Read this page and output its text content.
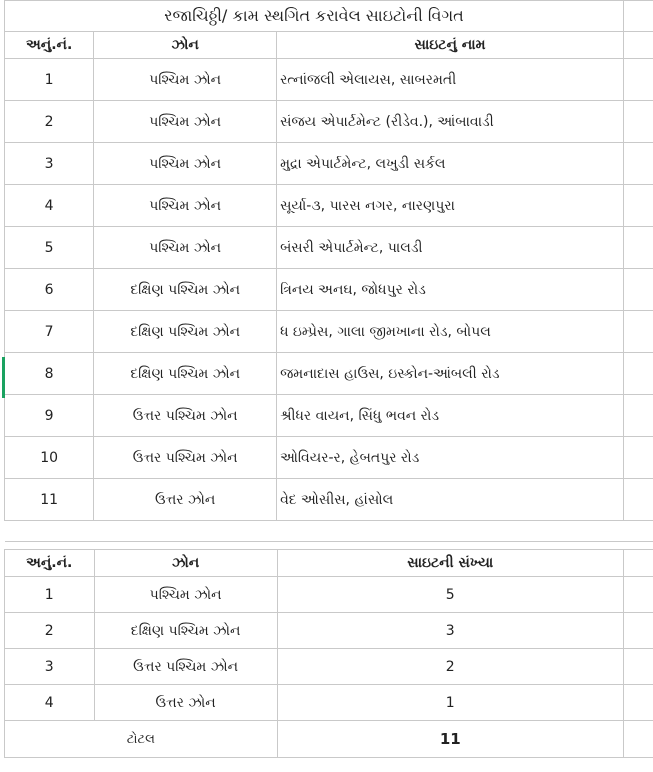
રજાચિઠ્ઠી/ કામ સ્થગિત કરાવેલ સાઇટોની વિગત			
અનું.નં.	ઝોન	સાઇટનું નામ	
1	પશ્ચિમ ઝોન	રત્નાંજલી એલાયસ, સાબરમતી	
2	પશ્ચિમ ઝોન	સંજય એપાર્ટમેન્ટ (રીડેવ.), આંબાવાડી	
3	પશ્ચિમ ઝોન	મુદ્રા એપાર્ટમેન્ટ, લખુડી સર્કલ	
4	પશ્ચિમ ઝોન	સૂર્યા-૩, પારસ નગર, નારણપુરા	
5	પશ્ચિમ ઝોન	બંસરી એપાર્ટમેન્ટ, પાલડી	
6	દક્ષિણ પશ્ચિમ ઝોન	ત્રિનય અનઘ, જોધપુર રોડ	
7	દક્ષિણ પશ્ચિમ ઝોન	ધ ઇમ્પ્રેસ, ગાલા જીમખાના રોડ, બોપલ	
8	દક્ષિણ પશ્ચિમ ઝોન	જમનાદાસ હાઉસ, ઇસ્કોન-આંબલી રોડ	
9	ઉત્તર પશ્ચિમ ઝોન	શ્રીધર વાયન, સિંધુ ભવન રોડ	
10	ઉત્તર પશ્ચિમ ઝોન	ઓવિયર-ર, હેબતપુર રોડ	
11	ઉત્તર ઝોન	વેદ ઓસીસ, હાંસોલ	

અનું.નં.	ઝોન	સાઇટની સંખ્યા	
1	પશ્ચિમ ઝોન	5	
2	દક્ષિણ પશ્ચિમ ઝોન	3	
3	ઉત્તર પશ્ચિમ ઝોન	2	
4	ઉત્તર ઝોન	1	
ટોટલ		11	
